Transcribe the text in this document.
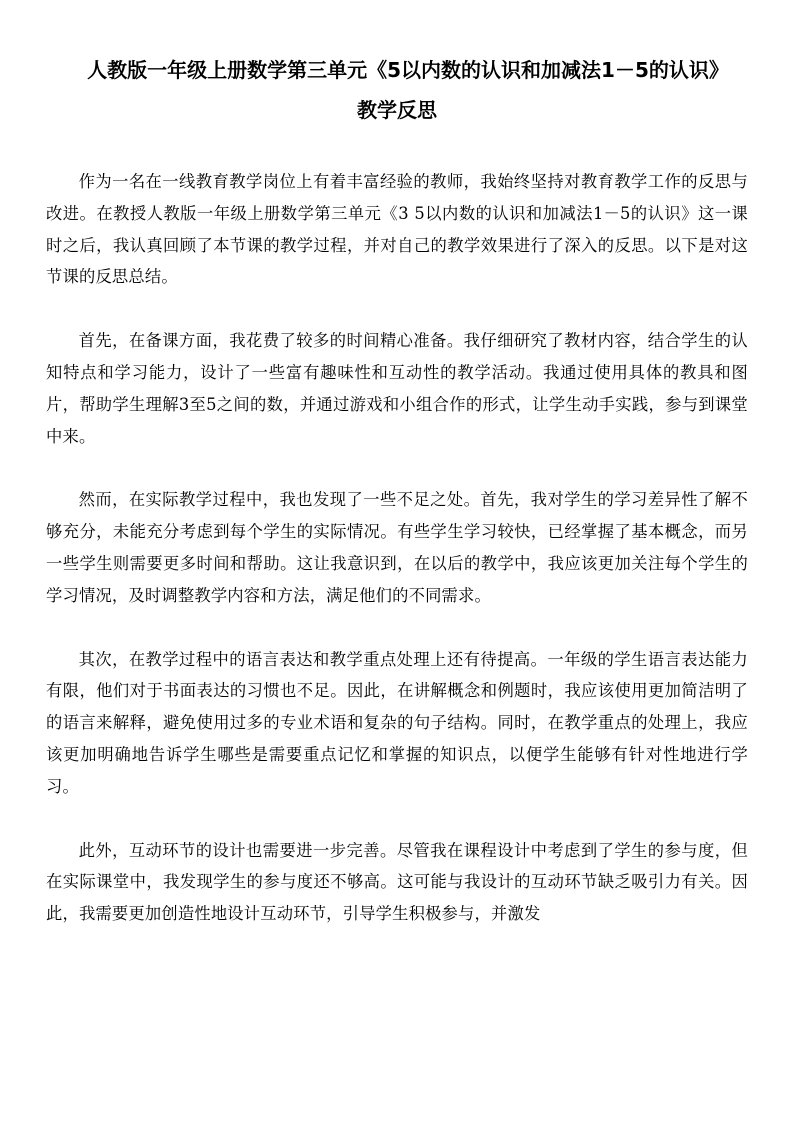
人教版一年级上册数学第三单元《5以内数的认识和加减法1－5的认识》
教学反思

作为一名在一线教育教学岗位上有着丰富经验的教师，我始终坚持对教育教学工作的反思与改进。在教授人教版一年级上册数学第三单元《3 5以内数的认识和加减法1－5的认识》这一课时之后，我认真回顾了本节课的教学过程，并对自己的教学效果进行了深入的反思。以下是对这节课的反思总结。

首先，在备课方面，我花费了较多的时间精心准备。我仔细研究了教材内容，结合学生的认知特点和学习能力，设计了一些富有趣味性和互动性的教学活动。我通过使用具体的教具和图片，帮助学生理解3至5之间的数，并通过游戏和小组合作的形式，让学生动手实践，参与到课堂中来。

然而，在实际教学过程中，我也发现了一些不足之处。首先，我对学生的学习差异性了解不够充分，未能充分考虑到每个学生的实际情况。有些学生学习较快，已经掌握了基本概念，而另一些学生则需要更多时间和帮助。这让我意识到，在以后的教学中，我应该更加关注每个学生的学习情况，及时调整教学内容和方法，满足他们的不同需求。

其次，在教学过程中的语言表达和教学重点处理上还有待提高。一年级的学生语言表达能力有限，他们对于书面表达的习惯也不足。因此，在讲解概念和例题时，我应该使用更加简洁明了的语言来解释，避免使用过多的专业术语和复杂的句子结构。同时，在教学重点的处理上，我应该更加明确地告诉学生哪些是需要重点记忆和掌握的知识点，以便学生能够有针对性地进行学习。

此外，互动环节的设计也需要进一步完善。尽管我在课程设计中考虑到了学生的参与度，但在实际课堂中，我发现学生的参与度还不够高。这可能与我设计的互动环节缺乏吸引力有关。因此，我需要更加创造性地设计互动环节，引导学生积极参与，并激发
